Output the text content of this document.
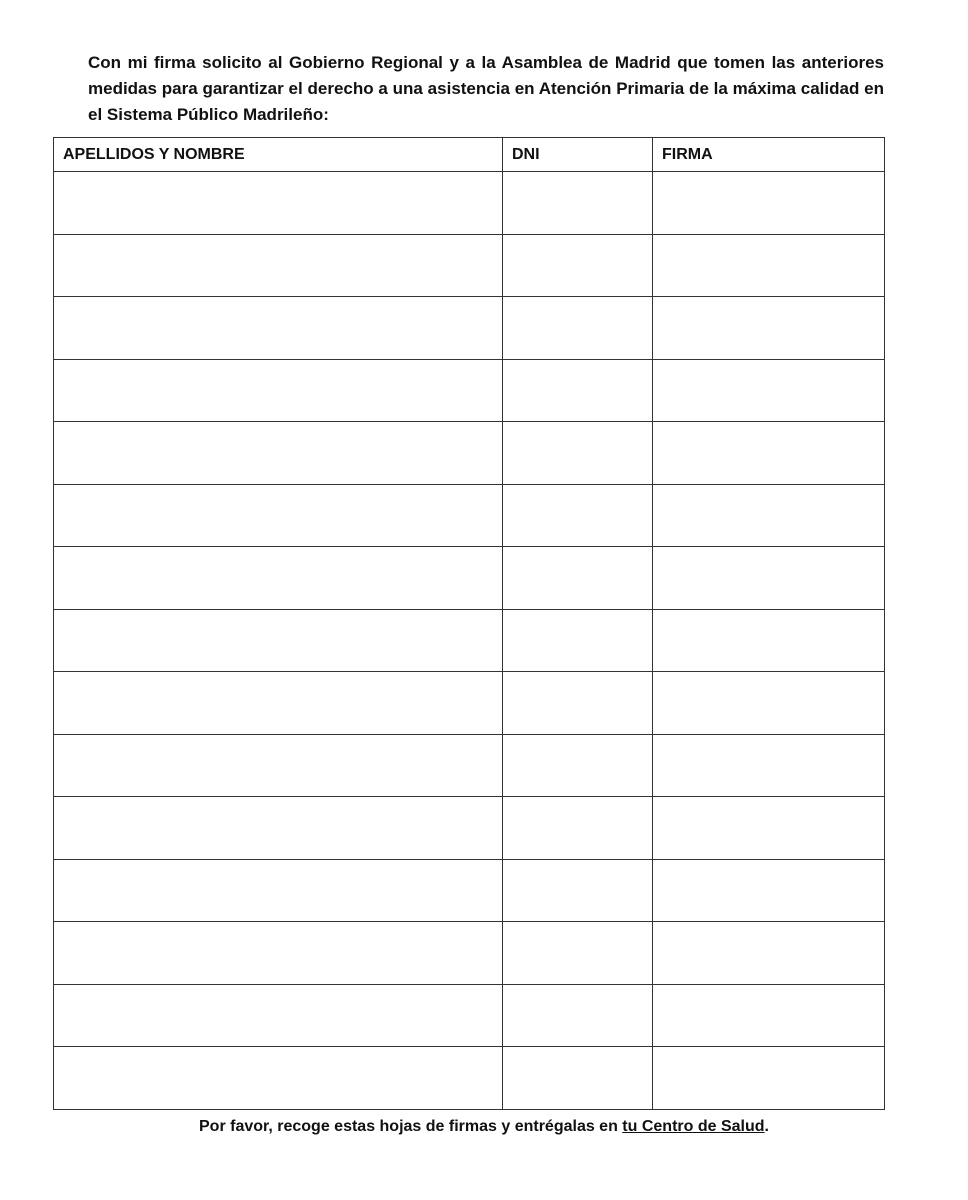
Con mi firma solicito al Gobierno Regional y a la Asamblea de Madrid que tomen las anteriores
medidas para garantizar el derecho a una asistencia en Atención Primaria de la máxima calidad en
el Sistema Público Madrileño:
APELLIDOS Y NOMBRE	DNI	FIRMA

Por favor, recoge estas hojas de firmas y entrégalas en tu Centro de Salud.
